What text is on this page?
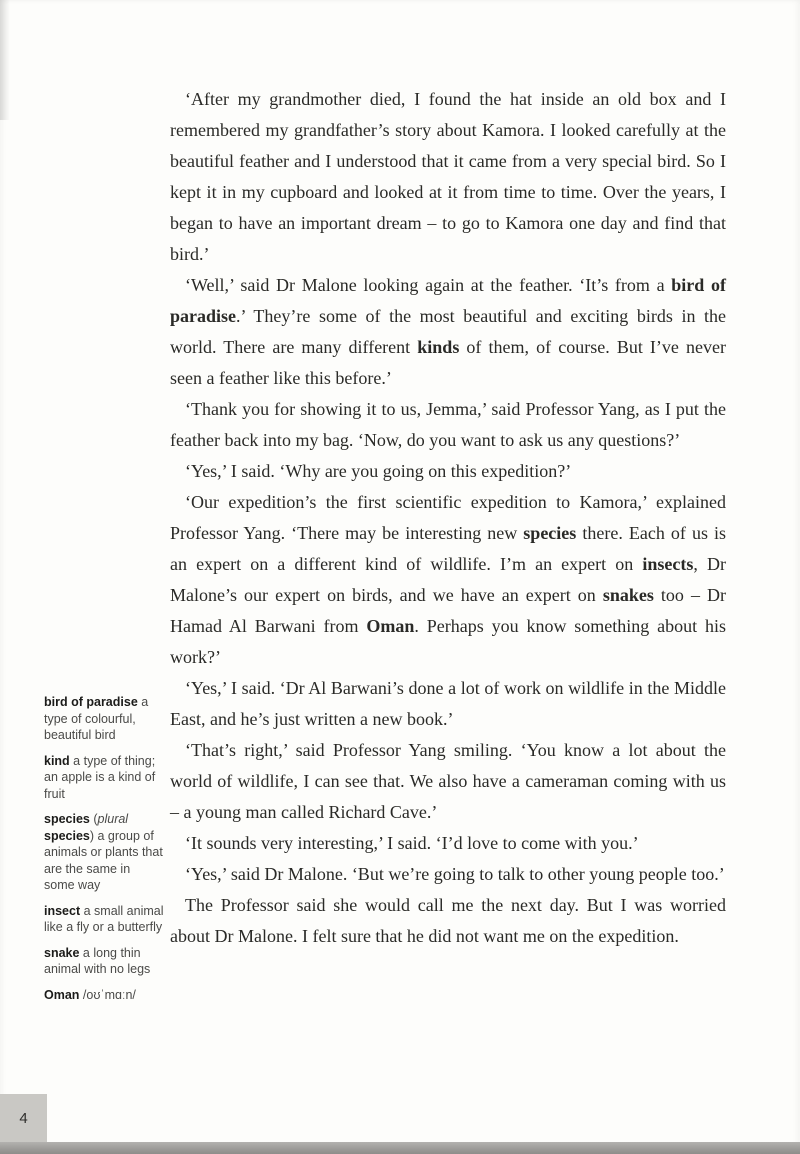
bird of paradise a type of colourful, beautiful bird
kind a type of thing; an apple is a kind of fruit
species (plural species) a group of animals or plants that are the same in some way
insect a small animal like a fly or a butterfly
snake a long thin animal with no legs
Oman /oʊˈmɑːn/

‘After my grandmother died, I found the hat inside an old box and I remembered my grandfather’s story about Kamora. I looked carefully at the beautiful feather and I understood that it came from a very special bird. So I kept it in my cupboard and looked at it from time to time. Over the years, I began to have an important dream – to go to Kamora one day and find that bird.’

‘Well,’ said Dr Malone looking again at the feather. ‘It’s from a bird of paradise.’ They’re some of the most beautiful and exciting birds in the world. There are many different kinds of them, of course. But I’ve never seen a feather like this before.’

‘Thank you for showing it to us, Jemma,’ said Professor Yang, as I put the feather back into my bag. ‘Now, do you want to ask us any questions?’

‘Yes,’ I said. ‘Why are you going on this expedition?’

‘Our expedition’s the first scientific expedition to Kamora,’ explained Professor Yang. ‘There may be interesting new species there. Each of us is an expert on a different kind of wildlife. I’m an expert on insects, Dr Malone’s our expert on birds, and we have an expert on snakes too – Dr Hamad Al Barwani from Oman. Perhaps you know something about his work?’

‘Yes,’ I said. ‘Dr Al Barwani’s done a lot of work on wildlife in the Middle East, and he’s just written a new book.’

‘That’s right,’ said Professor Yang smiling. ‘You know a lot about the world of wildlife, I can see that. We also have a cameraman coming with us – a young man called Richard Cave.’

‘It sounds very interesting,’ I said. ‘I’d love to come with you.’

‘Yes,’ said Dr Malone. ‘But we’re going to talk to other young people too.’

The Professor said she would call me the next day. But I was worried about Dr Malone. I felt sure that he did not want me on the expedition.

4
